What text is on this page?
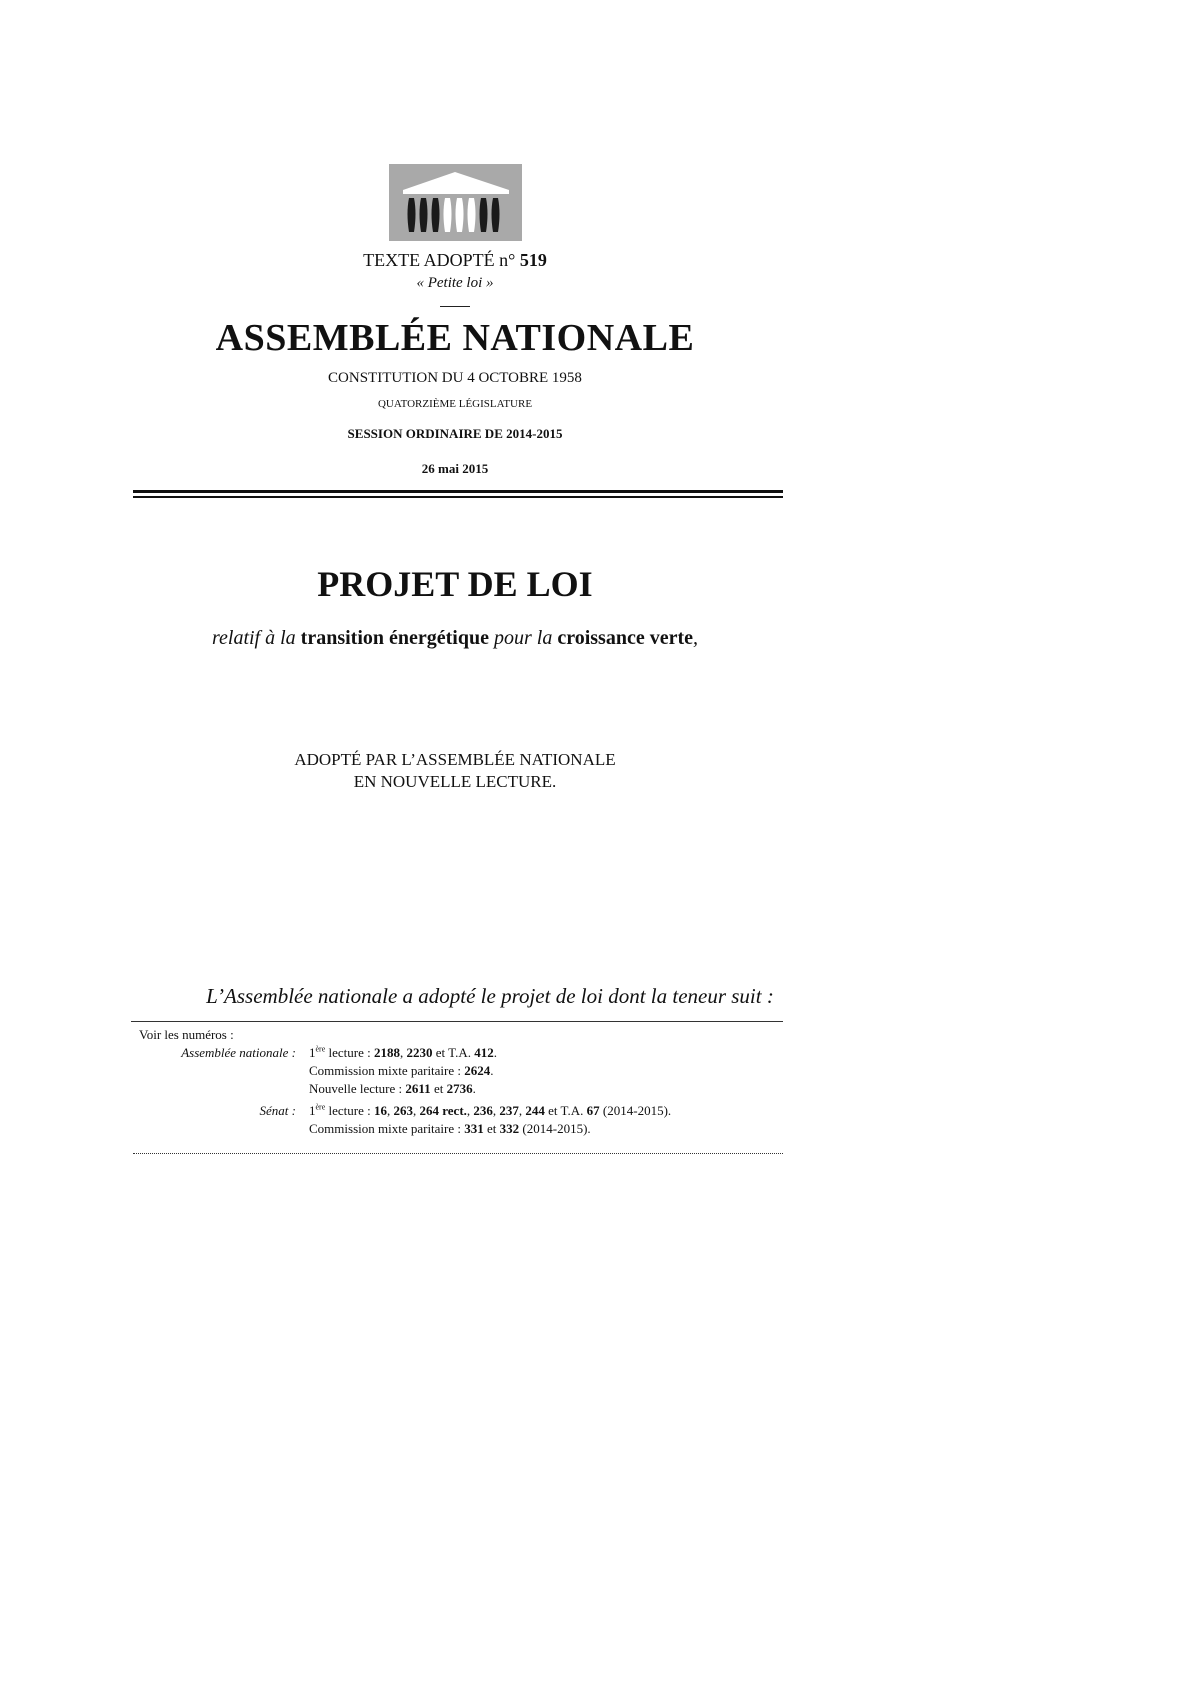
TEXTE ADOPTÉ n° 519
« Petite loi »
ASSEMBLÉE NATIONALE
CONSTITUTION DU 4 OCTOBRE 1958
QUATORZIÈME LÉGISLATURE
SESSION ORDINAIRE DE 2014-2015
26 mai 2015
PROJET DE LOI
relatif à la transition énergétique pour la croissance verte,
ADOPTÉ PAR L’ASSEMBLÉE NATIONALE
EN NOUVELLE LECTURE.
L’Assemblée nationale a adopté le projet de loi dont la teneur suit :
Voir les numéros :
Assemblée nationale : 1ère lecture : 2188, 2230 et T.A. 412.
Commission mixte paritaire : 2624.
Nouvelle lecture : 2611 et 2736.
Sénat : 1ère lecture : 16, 263, 264 rect., 236, 237, 244 et T.A. 67 (2014-2015).
Commission mixte paritaire : 331 et 332 (2014-2015).
